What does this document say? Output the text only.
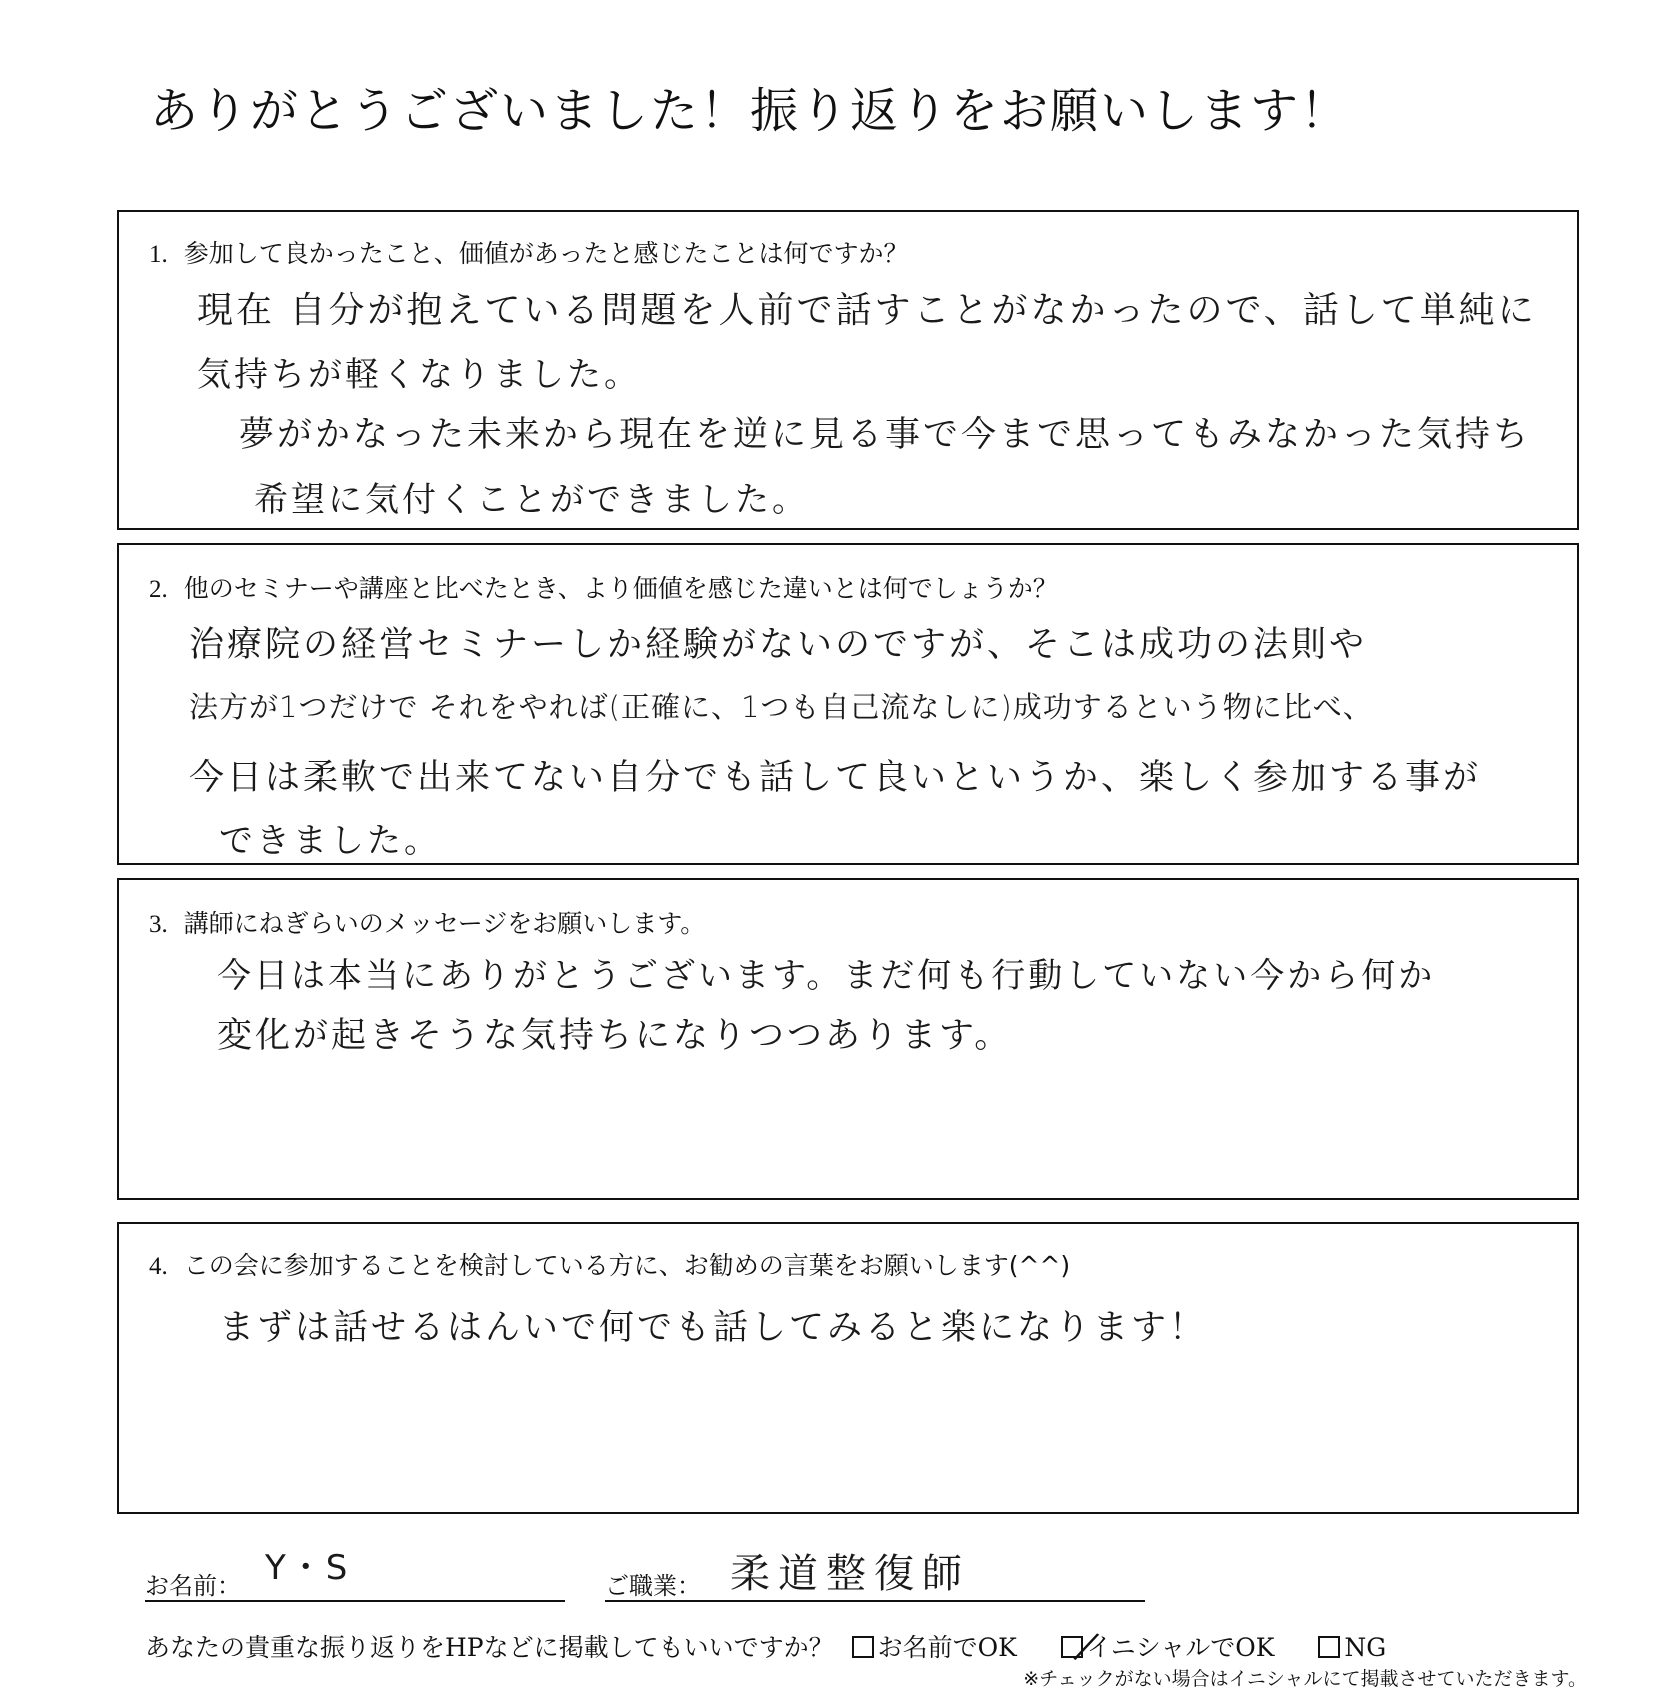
ありがとうございました！振り返りをお願いします！
1. 参加して良かったこと、価値があったと感じたことは何ですか？
現在 自分が抱えている問題を人前で話すことがなかったので、話して単純に
気持ちが軽くなりました。
夢がかなった未来から現在を逆に見る事で今まで思ってもみなかった気持ち
希望に気付くことができました。
2. 他のセミナーや講座と比べたとき、より価値を感じた違いとは何でしょうか？
治療院の経営セミナーしか経験がないのですが、そこは成功の法則や
法方が1つだけで それをやれば(正確に、1つも自己流なしに)成功するという物に比べ、
今日は柔軟で出来てない自分でも話して良いというか、楽しく参加する事が
できました。
3. 講師にねぎらいのメッセージをお願いします。
今日は本当にありがとうございます。まだ何も行動していない今から何か
変化が起きそうな気持ちになりつつあります。
4. この会に参加することを検討している方に、お勧めの言葉をお願いします(^^)
まずは話せるはんいで何でも話してみると楽になります！
お名前： Y・S	ご職業： 柔道整復師
あなたの貴重な振り返りをHPなどに掲載してもいいですか？ お名前でOK	イニシャルでOK	NG
※チェックがない場合はイニシャルにて掲載させていただきます。
